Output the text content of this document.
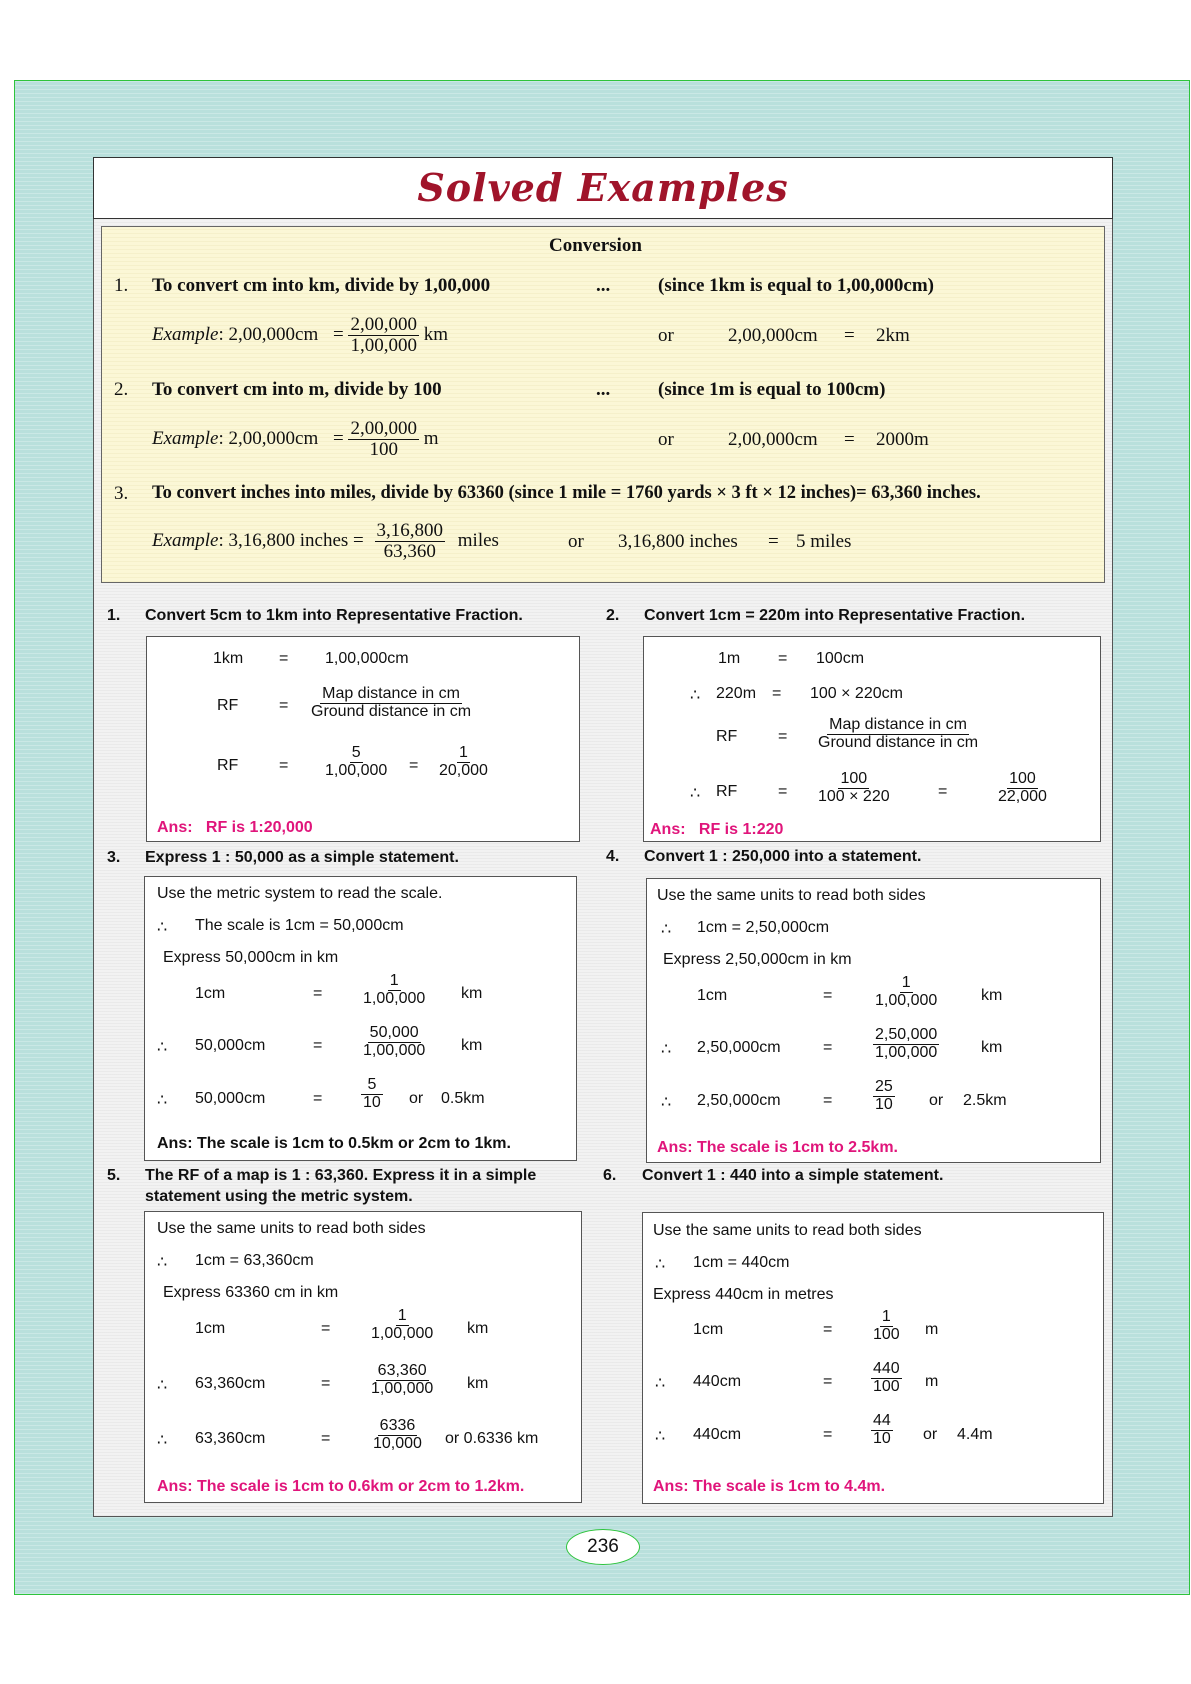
Solved Examples
Conversion
1. To convert cm into km, divide by 1,00,000	...	(since 1km is equal to 1,00,000cm)
Example: $2,00,000cm = \frac{2,00,000}{1,00,000}$ km	or	2,00,000cm = 2km
2. To convert cm into m, divide by 100	...	(since 1m is equal to 100cm)
Example: $2,00,000cm = \frac{2,00,000}{100}$ m	or	2,00,000cm = 2000m
3. To convert inches into miles, divide by 63360 (since 1 mile = 1760 yards × 3 ft × 12 inches)= 63,360 inches.
Example: 3,16,800 inches = $\frac{3,16,800}{63,360}$ miles	or 3,16,800 inches = 5 miles
1. Convert 5cm to 1km into Representative Fraction.
1km = 1,00,000cm
RF	=
Map distance in cm
Ground distance in cm
RF	= $\frac{5}{1,00,000} = \frac{1}{20,000}$
Ans: RF is 1:20,000
2. Convert 1cm = 220m into Representative Fraction.
1m = 100cm
∴ 220m = 100 × 220cm
RF	=
Map distance in cm
Ground distance in cm
∴ RF	= $\frac{100}{100 \times 220}$	=	$\frac{100}{22,000}$
Ans: RF is 1:220
3. Express 1 : 50,000 as a simple statement.
Use the metric system to read the scale.
∴ The scale is 1cm = 50,000cm
Express 50,000cm in km
1cm	= $\frac{1}{1,00,000}$ km
∴ 50,000cm	= $\frac{50,000}{1,00,000}$ km
∴ 50,000cm	= $\frac{5}{10}$ or 0.5km
Ans: The scale is 1cm to 0.5km or 2cm to 1km.
4. Convert 1 : 250,000 into a statement.
Use the same units to read both sides
∴ 1cm = 2,50,000cm
Express 2,50,000cm in km
1cm	=	$\frac{1}{1,00,000}$	km
∴ 2,50,000cm	=	$\frac{2,50,000}{1,00,000}$	km
∴ 2,50,000cm	=	$\frac{25}{10}$ or 2.5km
Ans: The scale is 1cm to 2.5km.
5. The RF of a map is 1 : 63,360. Express it in a simple
statement using the metric system.
Use the same units to read both sides
∴ 1cm = 63,360cm
Express 63360 cm in km
1cm	= $\frac{1}{1,00,000}$ km
∴ 63,360cm	= $\frac{63,360}{1,00,000}$ km
∴ 63,360cm	=	$\frac{6336}{10,000}$ or 0.6336 km
Ans: The scale is 1cm to 0.6km or 2cm to 1.2km.
6. Convert 1 : 440 into a simple statement.
Use the same units to read both sides
∴ 1cm = 440cm
Express 440cm in metres
1cm	= $\frac{1}{100}$ m
∴ 440cm	= $\frac{440}{100}$ m
∴ 440cm	= $\frac{44}{10}$ or 4.4m
Ans: The scale is 1cm to 4.4m.
236
